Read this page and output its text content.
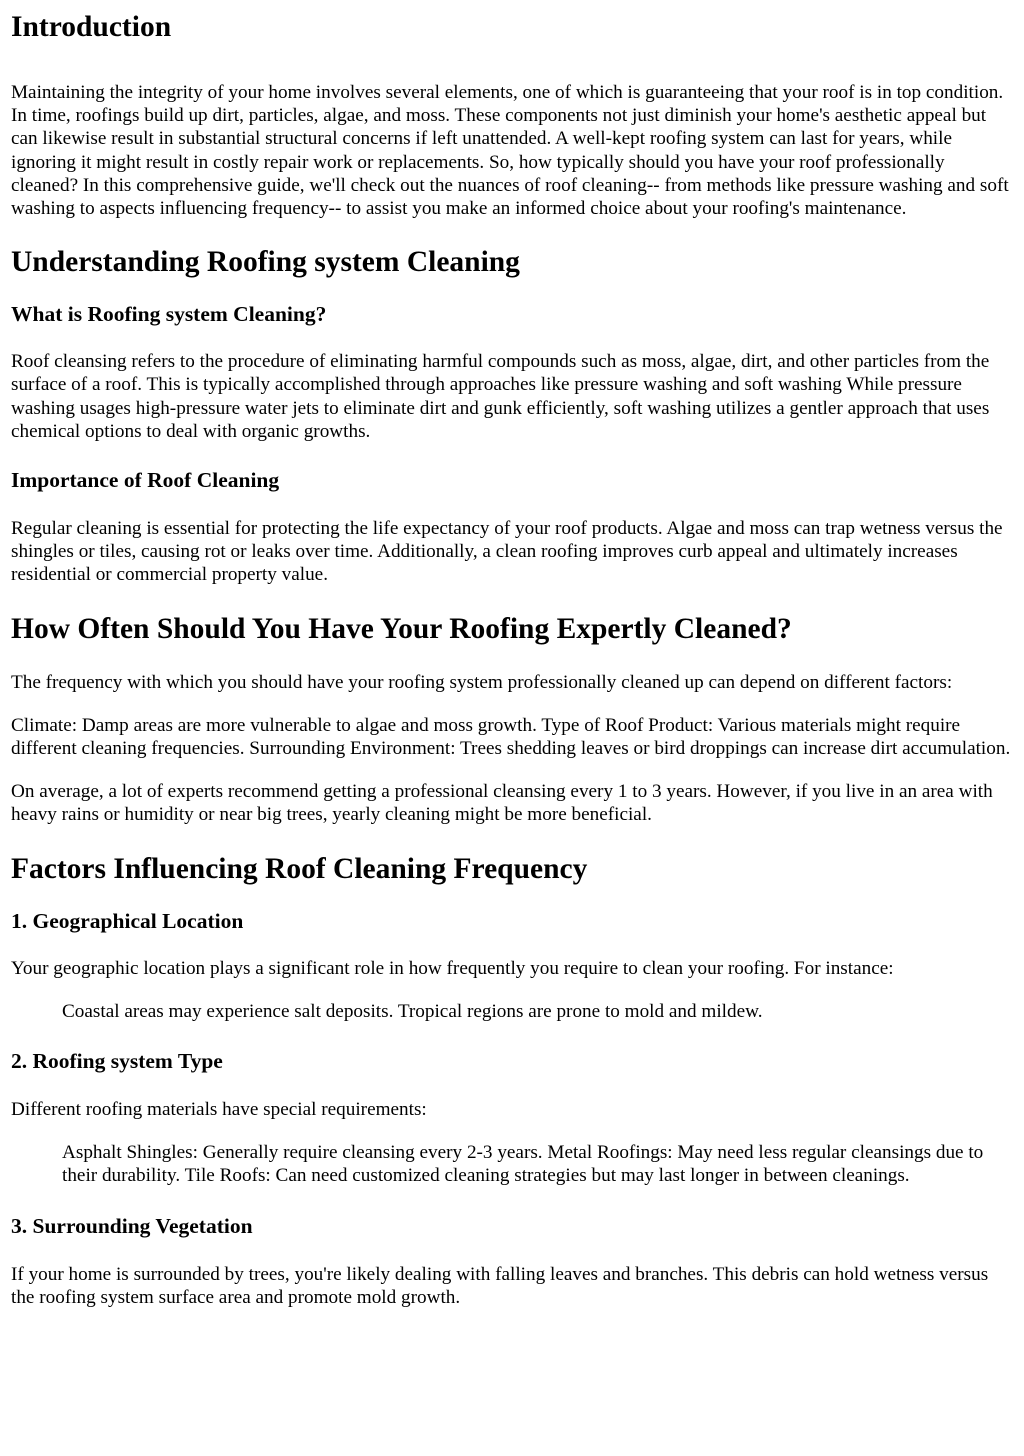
Introduction

Maintaining the integrity of your home involves several elements, one of which is guaranteeing that your roof is in top condition. In time, roofings build up dirt, particles, algae, and moss. These components not just diminish your home's aesthetic appeal but can likewise result in substantial structural concerns if left unattended. A well-kept roofing system can last for years, while ignoring it might result in costly repair work or replacements. So, how typically should you have your roof professionally cleaned? In this comprehensive guide, we'll check out the nuances of roof cleaning-- from methods like pressure washing and soft washing to aspects influencing frequency-- to assist you make an informed choice about your roofing's maintenance.

Understanding Roofing system Cleaning
What is Roofing system Cleaning?

Roof cleansing refers to the procedure of eliminating harmful compounds such as moss, algae, dirt, and other particles from the surface of a roof. This is typically accomplished through approaches like pressure washing and soft washing While pressure washing usages high-pressure water jets to eliminate dirt and gunk efficiently, soft washing utilizes a gentler approach that uses chemical options to deal with organic growths.

Importance of Roof Cleaning

Regular cleaning is essential for protecting the life expectancy of your roof products. Algae and moss can trap wetness versus the shingles or tiles, causing rot or leaks over time. Additionally, a clean roofing improves curb appeal and ultimately increases residential or commercial property value.

How Often Should You Have Your Roofing Expertly Cleaned?

The frequency with which you should have your roofing system professionally cleaned up can depend on different factors:

Climate: Damp areas are more vulnerable to algae and moss growth. Type of Roof Product: Various materials might require different cleaning frequencies. Surrounding Environment: Trees shedding leaves or bird droppings can increase dirt accumulation.

On average, a lot of experts recommend getting a professional cleansing every 1 to 3 years. However, if you live in an area with heavy rains or humidity or near big trees, yearly cleaning might be more beneficial.

Factors Influencing Roof Cleaning Frequency
1. Geographical Location

Your geographic location plays a significant role in how frequently you require to clean your roofing. For instance:

Coastal areas may experience salt deposits. Tropical regions are prone to mold and mildew.
2. Roofing system Type

Different roofing materials have special requirements:

Asphalt Shingles: Generally require cleansing every 2-3 years. Metal Roofings: May need less regular cleansings due to their durability. Tile Roofs: Can need customized cleaning strategies but may last longer in between cleanings.
3. Surrounding Vegetation

If your home is surrounded by trees, you're likely dealing with falling leaves and branches. This debris can hold wetness versus the roofing system surface area and promote mold growth.
